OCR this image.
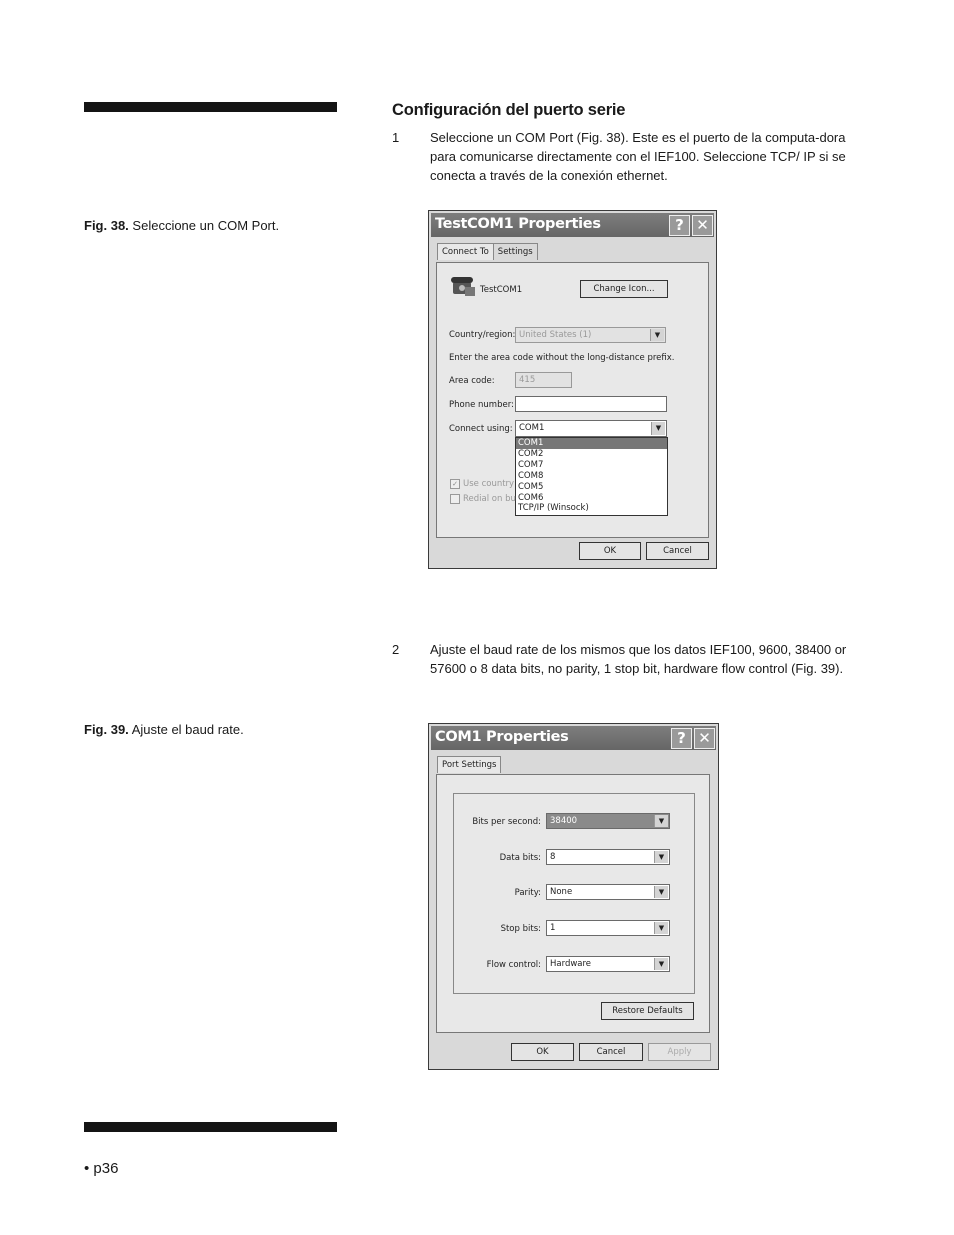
Configuración del puerto serie
1 Seleccione un COM Port (Fig. 38). Este es el puerto de la computa-dora para comunicarse directamente con el IEF100. Seleccione TCP/ IP si se conecta a través de la conexión ethernet.
Fig. 38. Seleccione un COM Port.	TestCOM1 Properties	? ✕
Connect To Settings
TestCOM1	Change Icon...
Country/region: United States (1)	▼
Enter the area code without the long-distance prefix.
Area code:	415
Phone number:
Connect using: COM1	▼
COM1
COM2
COM7
COM8
COM5
COM6
TCP/IP (Winsock)
✓ Use country
Redial on bu
OK	Cancel
2 Ajuste el baud rate de los mismos que los datos IEF100, 9600, 38400 or 57600 o 8 data bits, no parity, 1 stop bit, hardware flow control (Fig. 39).
Fig. 39. Ajuste el baud rate.	COM1 Properties	? ✕
Port Settings
Bits per second:	38400	▼
Data bits:	8	▼
Parity:	None	▼
Stop bits:	1	▼
Flow control:	Hardware	▼
Restore Defaults
OK	Cancel	Apply
• p36
